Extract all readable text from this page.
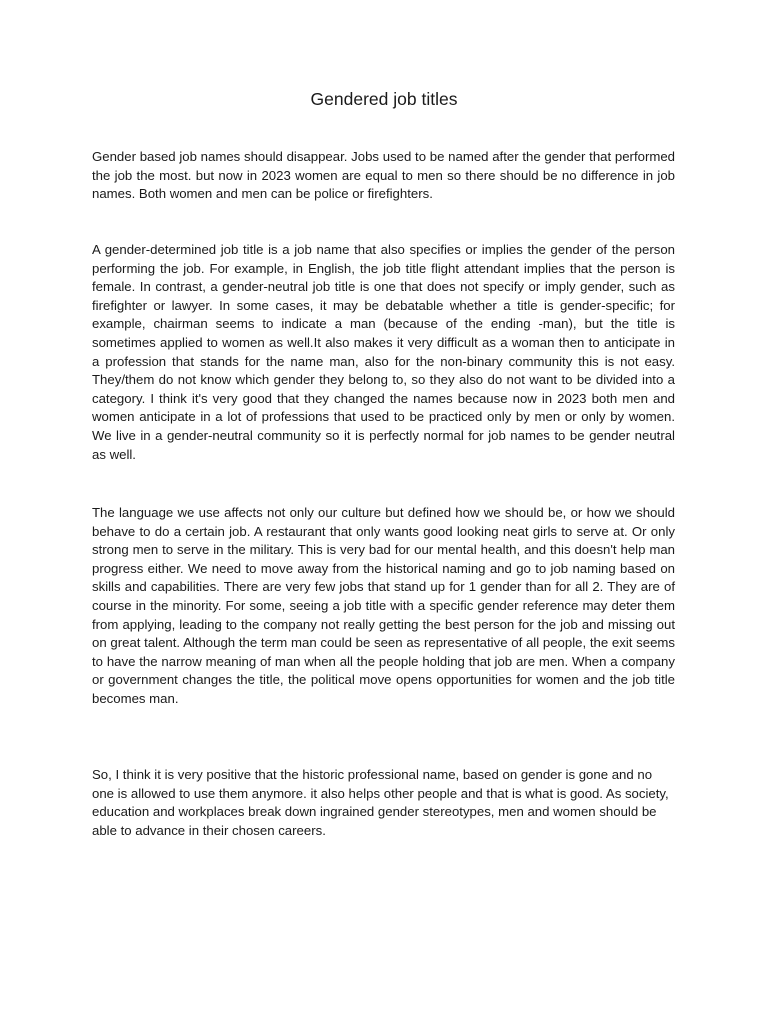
Gendered job titles

Gender based job names should disappear. Jobs used to be named after the gender that performed the job the most. but now in 2023 women are equal to men so there should be no difference in job names. Both women and men can be police or firefighters.

A gender-determined job title is a job name that also specifies or implies the gender of the person performing the job. For example, in English, the job title flight attendant implies that the person is female. In contrast, a gender-neutral job title is one that does not specify or imply gender, such as firefighter or lawyer. In some cases, it may be debatable whether a title is gender-specific; for example, chairman seems to indicate a man (because of the ending -man), but the title is sometimes applied to women as well.It also makes it very difficult as a woman then to anticipate in a profession that stands for the name man, also for the non-binary community this is not easy. They/them do not know which gender they belong to, so they also do not want to be divided into a category. I think it's very good that they changed the names because now in 2023 both men and women anticipate in a lot of professions that used to be practiced only by men or only by women. We live in a gender-neutral community so it is perfectly normal for job names to be gender neutral as well.

The language we use affects not only our culture but defined how we should be, or how we should behave to do a certain job. A restaurant that only wants good looking neat girls to serve at. Or only strong men to serve in the military. This is very bad for our mental health, and this doesn't help man progress either. We need to move away from the historical naming and go to job naming based on skills and capabilities. There are very few jobs that stand up for 1 gender than for all 2. They are of course in the minority. For some, seeing a job title with a specific gender reference may deter them from applying, leading to the company not really getting the best person for the job and missing out on great talent. Although the term man could be seen as representative of all people, the exit seems to have the narrow meaning of man when all the people holding that job are men. When a company or government changes the title, the political move opens opportunities for women and the job title becomes man.

So, I think it is very positive that the historic professional name, based on gender is gone and no one is allowed to use them anymore. it also helps other people and that is what is good. As society, education and workplaces break down ingrained gender stereotypes, men and women should be able to advance in their chosen careers.
